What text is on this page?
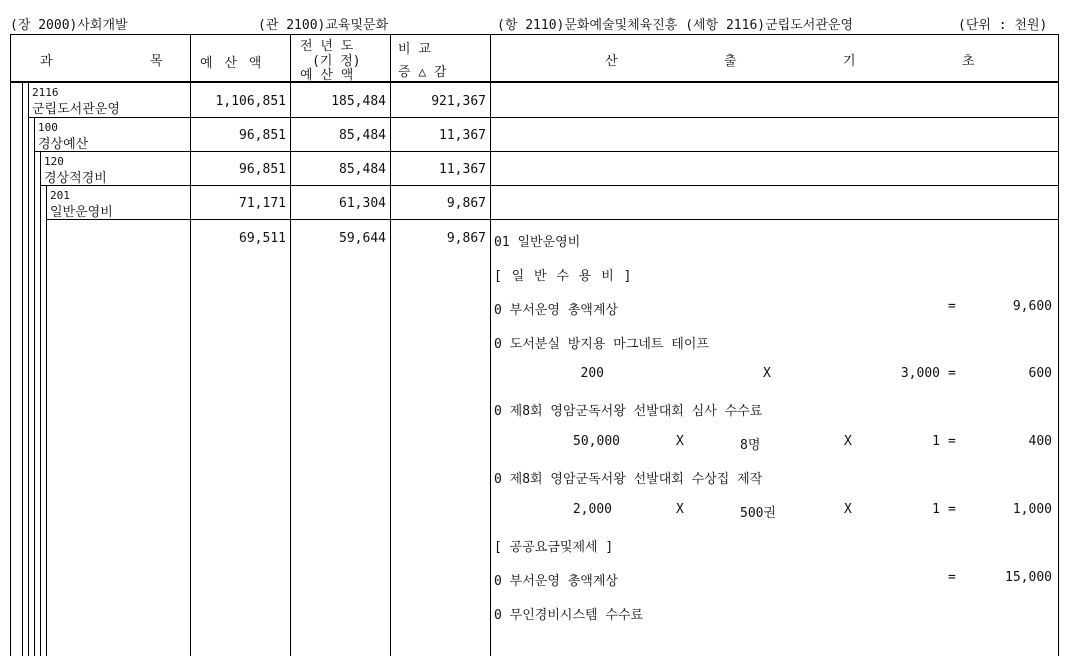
(장 2000)사회개발	(관 2100)교육및문화	(항 2110)문화예술및체육진흥 (세항 2116)군립도서관운영	(단위 : 천원)
과	목	예 산 액
전 년 도
(기 정)
예 산 액
비 교
증 △ 감
산	출	기	초
2116
군립도서관운영
1,106,851	185,484	921,367
100
경상예산
96,851	85,484	11,367
120
경상적경비
96,851	85,484	11,367
201
일반운영비
71,171	61,304	9,867
69,511	59,644	9,867 01 일반운영비
[ 일 반 수 용 비 ]
0 부서운영 총액계상	=	9,600
0 도서분실 방지용 마그네트 테이프
200	X	3,000 =	600
0 제8회 영암군독서왕 선발대회 심사 수수료
50,000	X	8명	X	1 =	400
0 제8회 영암군독서왕 선발대회 수상집 제작
2,000	X	500권	X	1 =	1,000
[ 공공요금및제세 ]
0 부서운영 총액계상	=	15,000
0 무인경비시스템 수수료
